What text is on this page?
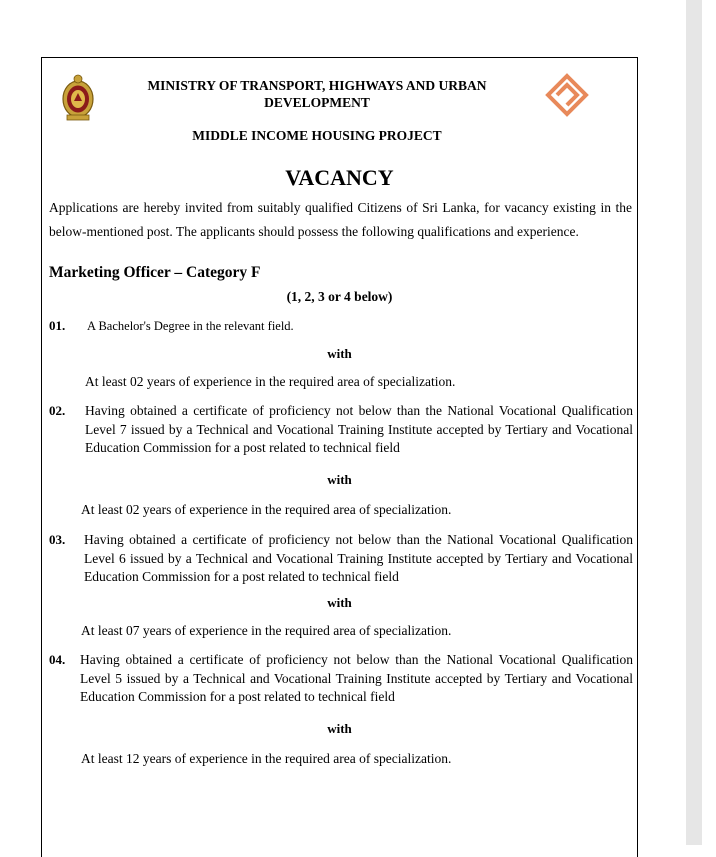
MINISTRY OF TRANSPORT, HIGHWAYS AND URBAN DEVELOPMENT
MIDDLE INCOME HOUSING PROJECT
VACANCY
Applications are hereby invited from suitably qualified Citizens of Sri Lanka, for vacancy existing in the below-mentioned post. The applicants should possess the following qualifications and experience.
Marketing Officer – Category F
(1, 2, 3 or 4 below)
01. A Bachelor's Degree in the relevant field.
with
At least 02 years of experience in the required area of specialization.
02. Having obtained a certificate of proficiency not below than the National Vocational Qualification Level 7 issued by a Technical and Vocational Training Institute accepted by Tertiary and Vocational Education Commission for a post related to technical field

with
At least 02 years of experience in the required area of specialization.
03. Having obtained a certificate of proficiency not below than the National Vocational Qualification Level 6 issued by a Technical and Vocational Training Institute accepted by Tertiary and Vocational Education Commission for a post related to technical field

with
At least 07 years of experience in the required area of specialization.
04. Having obtained a certificate of proficiency not below than the National Vocational Qualification Level 5 issued by a Technical and Vocational Training Institute accepted by Tertiary and Vocational Education Commission for a post related to technical field

with
At least 12 years of experience in the required area of specialization.
